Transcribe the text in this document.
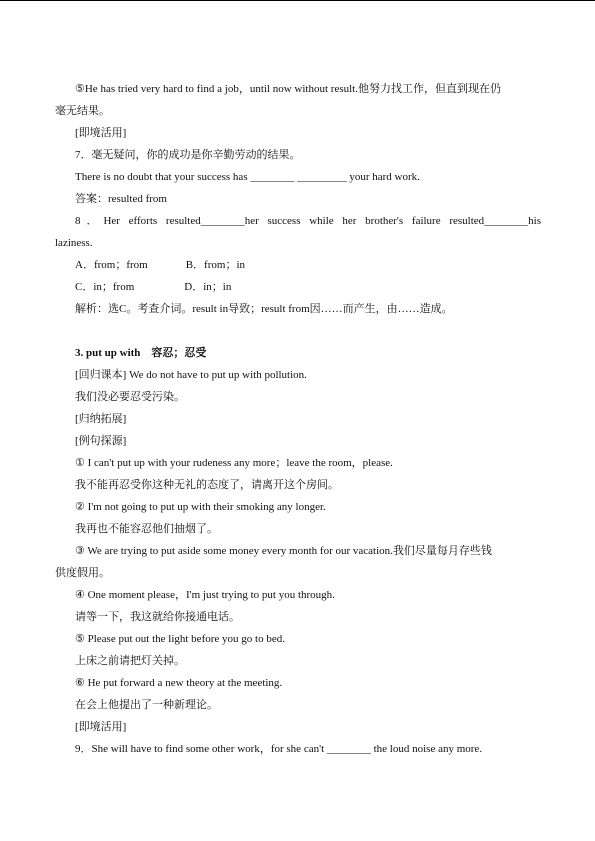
⑤He has tried very hard to find a job，until now without result.他努力找工作，但直到现在仍
毫无结果。
[即境活用]
7．毫无疑问，你的成功是你辛勤劳动的结果。
There is no doubt that your success has ________ _________ your hard work.
答案：resulted from
8．Her efforts resulted________her success while her brother's failure resulted________his
laziness.
A．from；from	B．from；in
C．in；from	D．in；in
解析：选C。考查介词。result in导致；result from因……而产生，由……造成。
3. put up with　容忍；忍受
[回归课本] We do not have to put up with pollution.
我们没必要忍受污染。
[归纳拓展]
[例句探源]
① I can't put up with your rudeness any more；leave the room，please.
我不能再忍受你这种无礼的态度了，请离开这个房间。
② I'm not going to put up with their smoking any longer.
我再也不能容忍他们抽烟了。
③ We are trying to put aside some money every month for our vacation.我们尽量每月存些钱
供度假用。
④ One moment please，I'm just trying to put you through.
请等一下，我这就给你接通电话。
⑤ Please put out the light before you go to bed.
上床之前请把灯关掉。
⑥ He put forward a new theory at the meeting.
在会上他提出了一种新理论。
[即境活用]
9．She will have to find some other work，for she can't ________ the loud noise any more.
